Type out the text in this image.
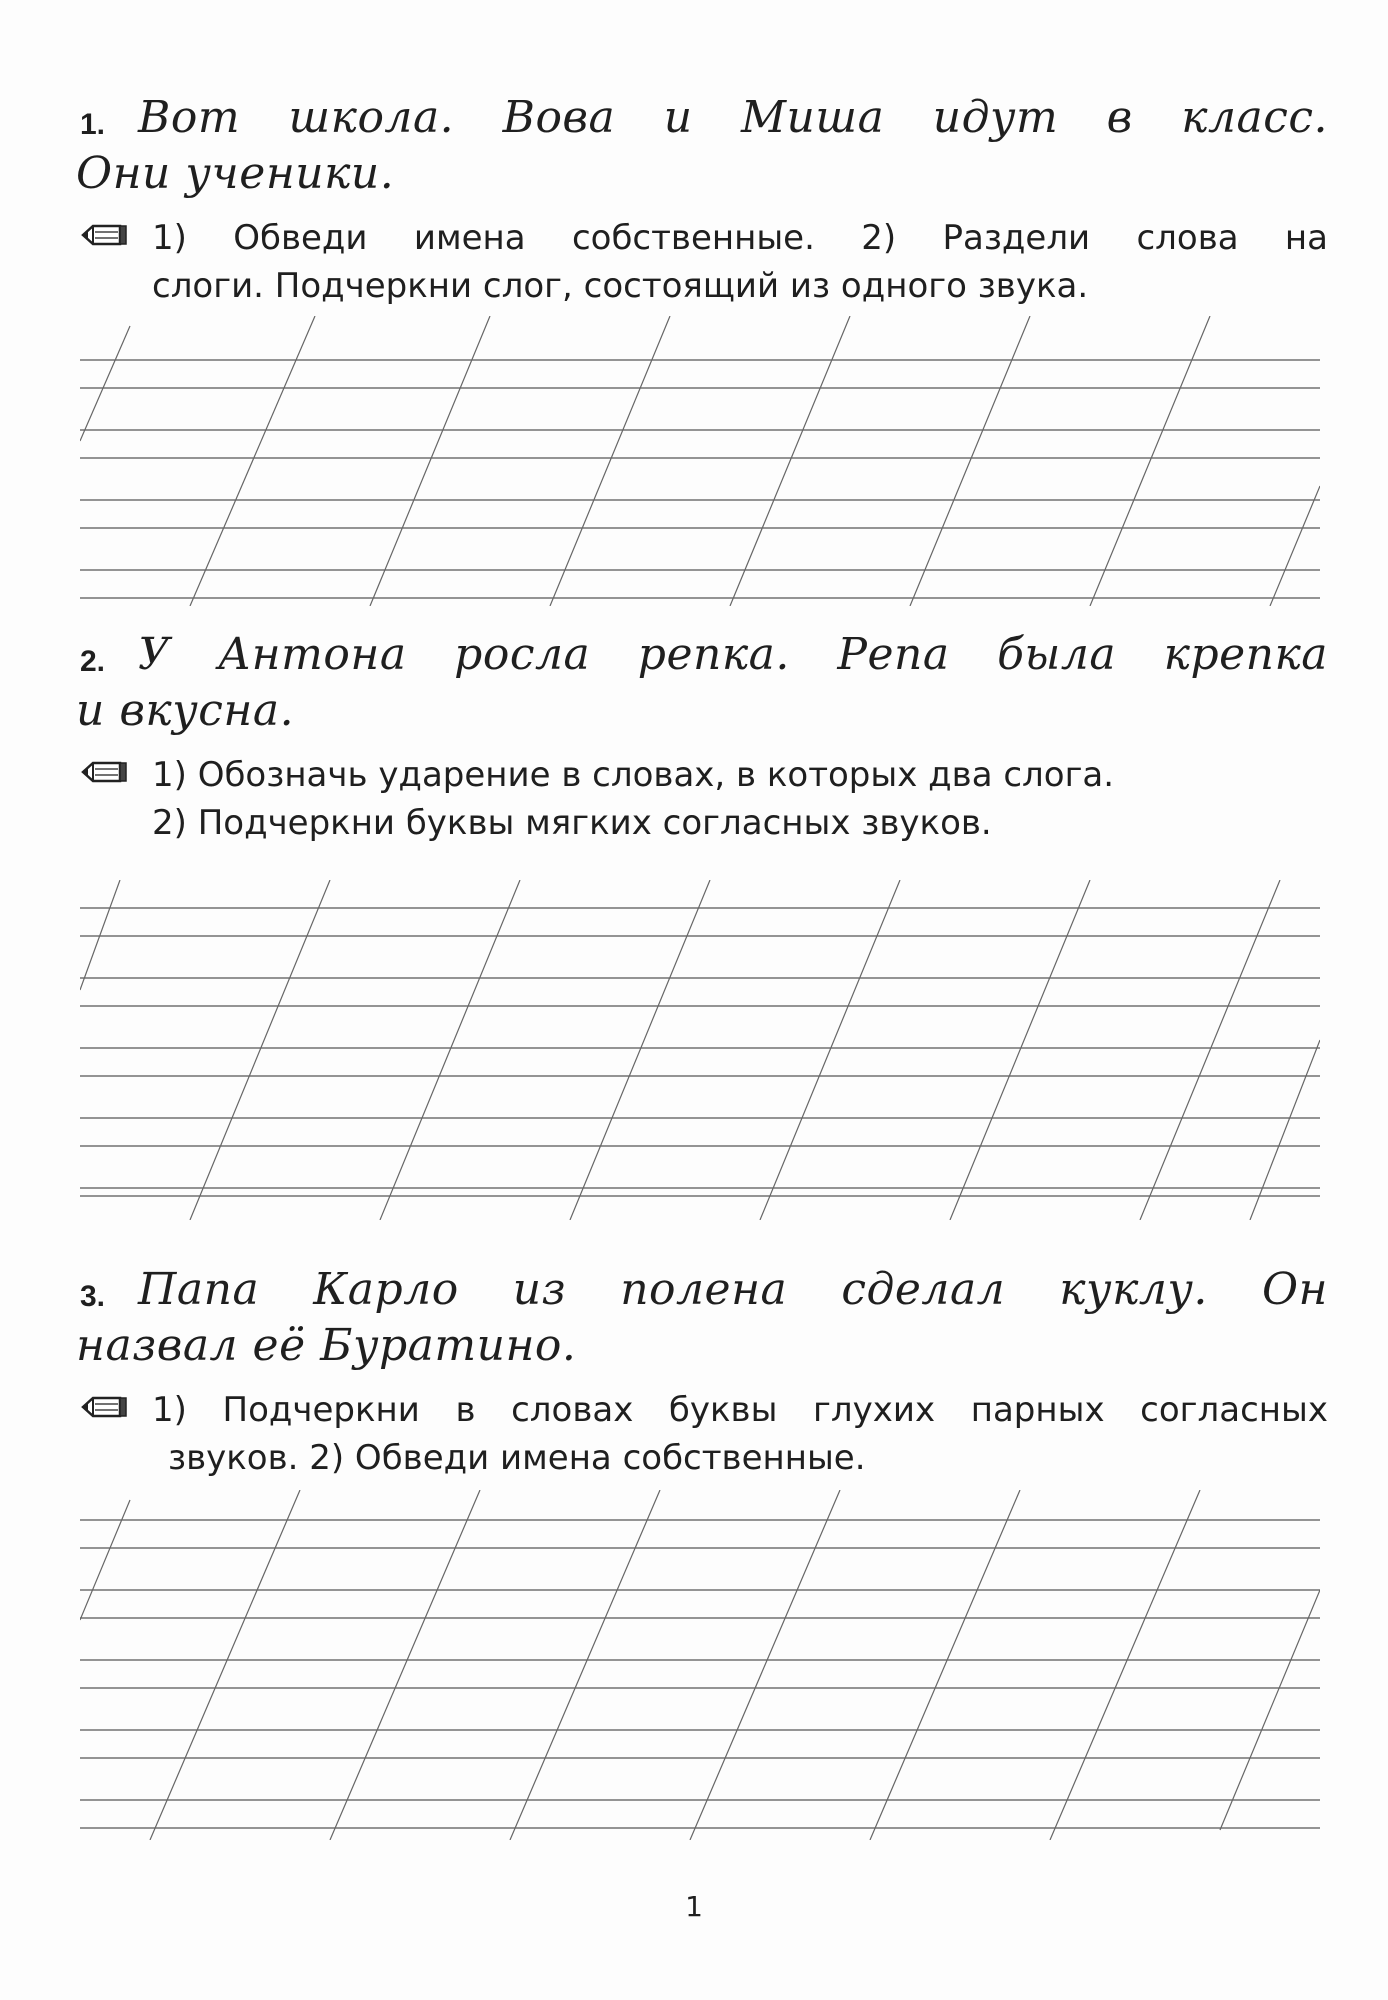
1. Вот школа. Вова и Миша идут в класс.
Они ученики.
1) Обведи имена собственные. 2) Раздели слова на
слоги. Подчеркни слог, состоящий из одного звука.
2. У Антона росла репка. Репа была крепка
и вкусна.
1) Обозначь ударение в словах, в которых два слога.
2) Подчеркни буквы мягких согласных звуков.
3. Папа Карло из полена сделал куклу. Он
назвал её Буратино.
1) Подчеркни в словах буквы глухих парных согласных
звуков. 2) Обведи имена собственные.
1
